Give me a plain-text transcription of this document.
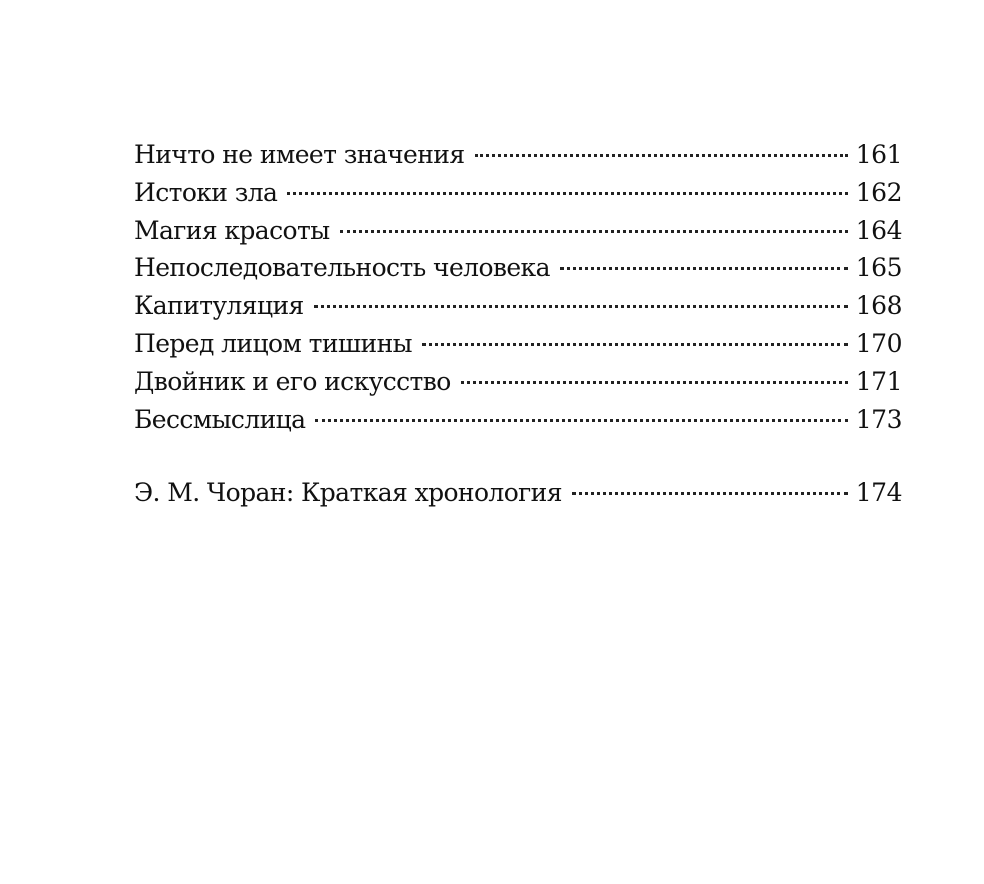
Ничто не имеет значения	161
Истоки зла	162
Магия красоты	164
Непоследовательность человека	165
Капитуляция	168
Перед лицом тишины	170
Двойник и его искусство	171
Бессмыслица	173
Э. М. Чоран: Краткая хронология	174
